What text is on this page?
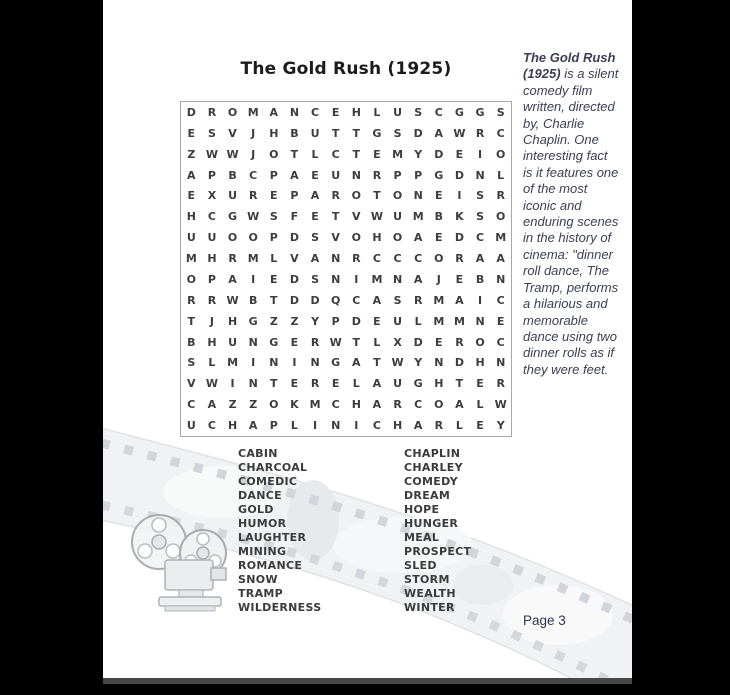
The Gold Rush (1925)
D	R	O M A	N	C	E	H	L	U	S	C	G	G	S
E	S	V	J	H	B	U	T	T	G	S	D	A W R	C
Z W W	J	O	T	L	C	T	E	M	Y	D	E	I	O
A	P	B	C	P	A	E	U	N	R	P	P	G	D	N	L
E	X	U	R	E	P	A	R	O	T	O	N	E	I	S	R
H	C	G W S	F	E	T	V W U M B	K	S	O
U	U	O	O	P	D	S	V	O	H	O	A	E	D	C	M
M H	R M	L	V	A	N	R	C	C	C	O	R	A	A
O	P	A	I	E	D	S	N	I	M N	A	J	E	B	N
R	R W B	T	D	D	Q	C	A	S	R M A	I	C
T	J	H	G	Z	Z	Y	P	D	E	U	L	M M N	E
B	H	U	N	G	E	R W T	L	X	D	E	R	O	C
S	L	M	I	N	I	N	G	A	T W Y	N	D	H	N
V W	I	N	T	E	R	E	L	A	U	G	H	T	E	R
C	A	Z	Z	O	K M	C	H	A	R	C	O	A	L	W
U	C	H	A	P	L	I	N	I	C	H	A	R	L	E	Y
CABIN
CHARCOAL
COMEDIC
DANCE
GOLD
HUMOR
LAUGHTER
MINING
ROMANCE
SNOW
TRAMP
WILDERNESS
CHAPLIN
CHARLEY
COMEDY
DREAM
HOPE
HUNGER
MEAL
PROSPECT
SLED
STORM
WEALTH
WINTER
The Gold Rush (1925) is a silent comedy film written, directed by, Charlie Chaplin. One interesting fact is it features one of the most iconic and enduring scenes in the history of cinema: "dinner roll dance, The Tramp, performs a hilarious and memorable dance using two dinner rolls as if they were feet.
Page 3
